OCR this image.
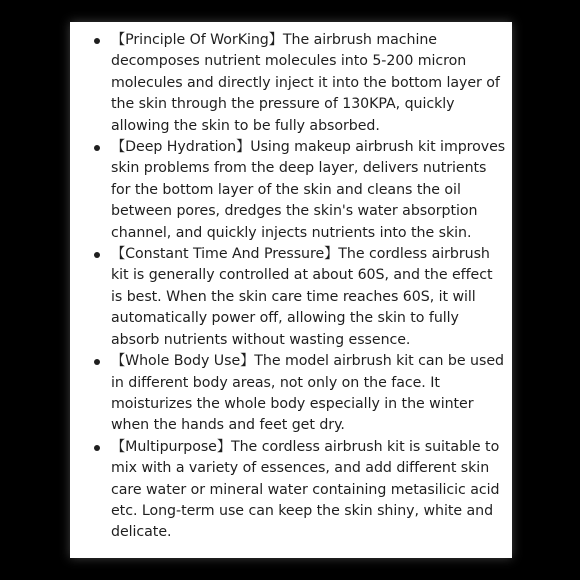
【Principle Of WorKing】The airbrush machine decomposes nutrient molecules into 5-200 micron molecules and directly inject it into the bottom layer of the skin through the pressure of 130KPA, quickly allowing the skin to be fully absorbed.
【Deep Hydration】Using makeup airbrush kit improves skin problems from the deep layer, delivers nutrients for the bottom layer of the skin and cleans the oil between pores, dredges the skin's water absorption channel, and quickly injects nutrients into the skin.
【Constant Time And Pressure】The cordless airbrush kit is generally controlled at about 60S, and the effect is best. When the skin care time reaches 60S, it will automatically power off, allowing the skin to fully absorb nutrients without wasting essence.
【Whole Body Use】The model airbrush kit can be used in different body areas, not only on the face. It moisturizes the whole body especially in the winter when the hands and feet get dry.
【Multipurpose】The cordless airbrush kit is suitable to mix with a variety of essences, and add different skin care water or mineral water containing metasilicic acid etc. Long-term use can keep the skin shiny, white and delicate.
